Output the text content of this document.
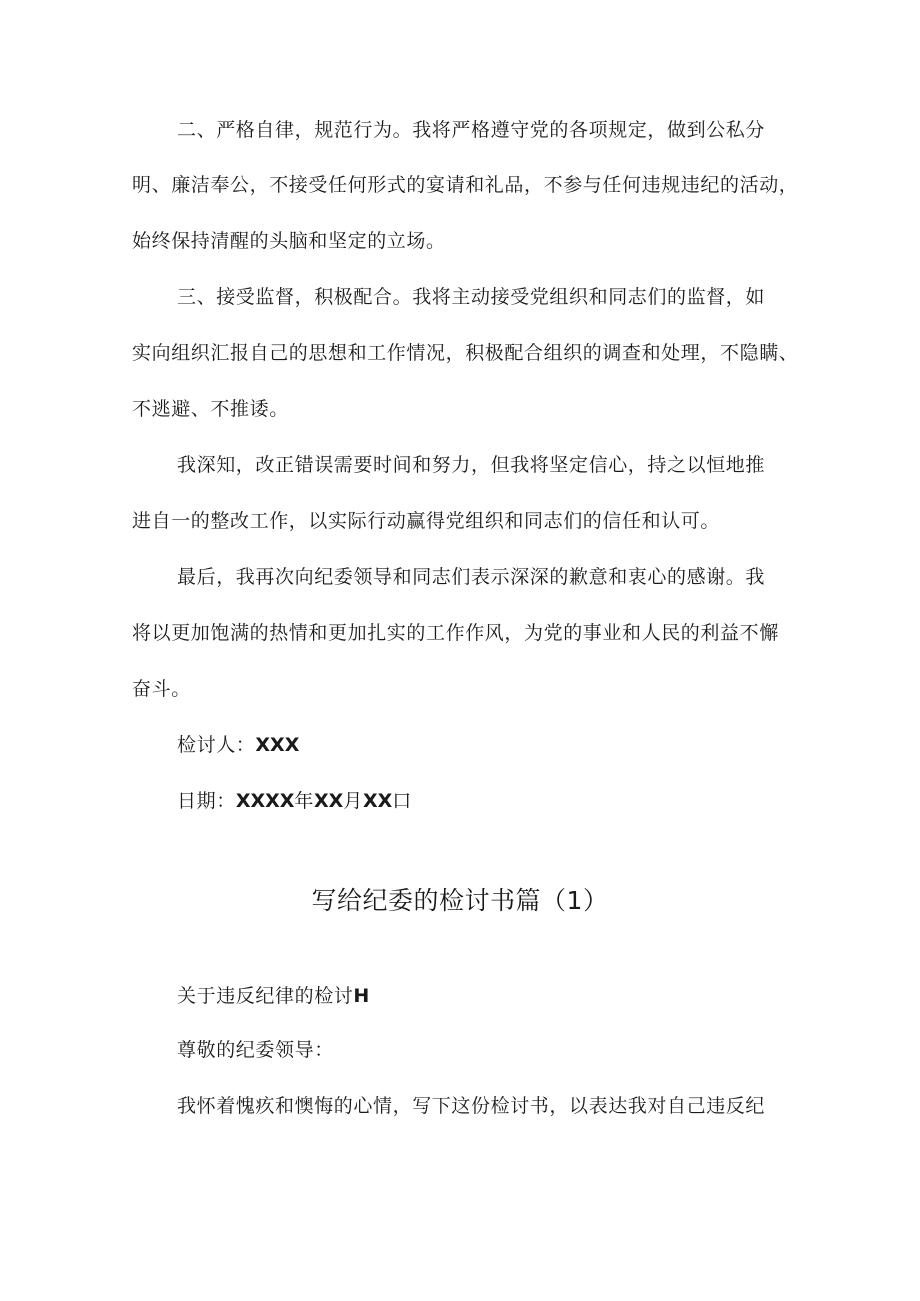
二、严格自律，规范行为。我将严格遵守党的各项规定，做到公私分
明、廉洁奉公，不接受任何形式的宴请和礼品，不参与任何违规违纪的活动，
始终保持清醒的头脑和坚定的立场。
三、接受监督，积极配合。我将主动接受党组织和同志们的监督，如
实向组织汇报自己的思想和工作情况，积极配合组织的调查和处理，不隐瞒、
不逃避、不推诿。
我深知，改正错误需要时间和努力，但我将坚定信心，持之以恒地推
进自一的整改工作，以实际行动赢得党组织和同志们的信任和认可。
最后，我再次向纪委领导和同志们表示深深的歉意和衷心的感谢。我
将以更加饱满的热情和更加扎实的工作作风，为党的事业和人民的利益不懈
奋斗。
检讨人：XXX
日期：XXXX年XX月XX口
写给纪委的检讨书篇（1）
关于违反纪律的检讨H
尊敬的纪委领导：
我怀着愧疚和懊悔的心情，写下这份检讨书，以表达我对自己违反纪
